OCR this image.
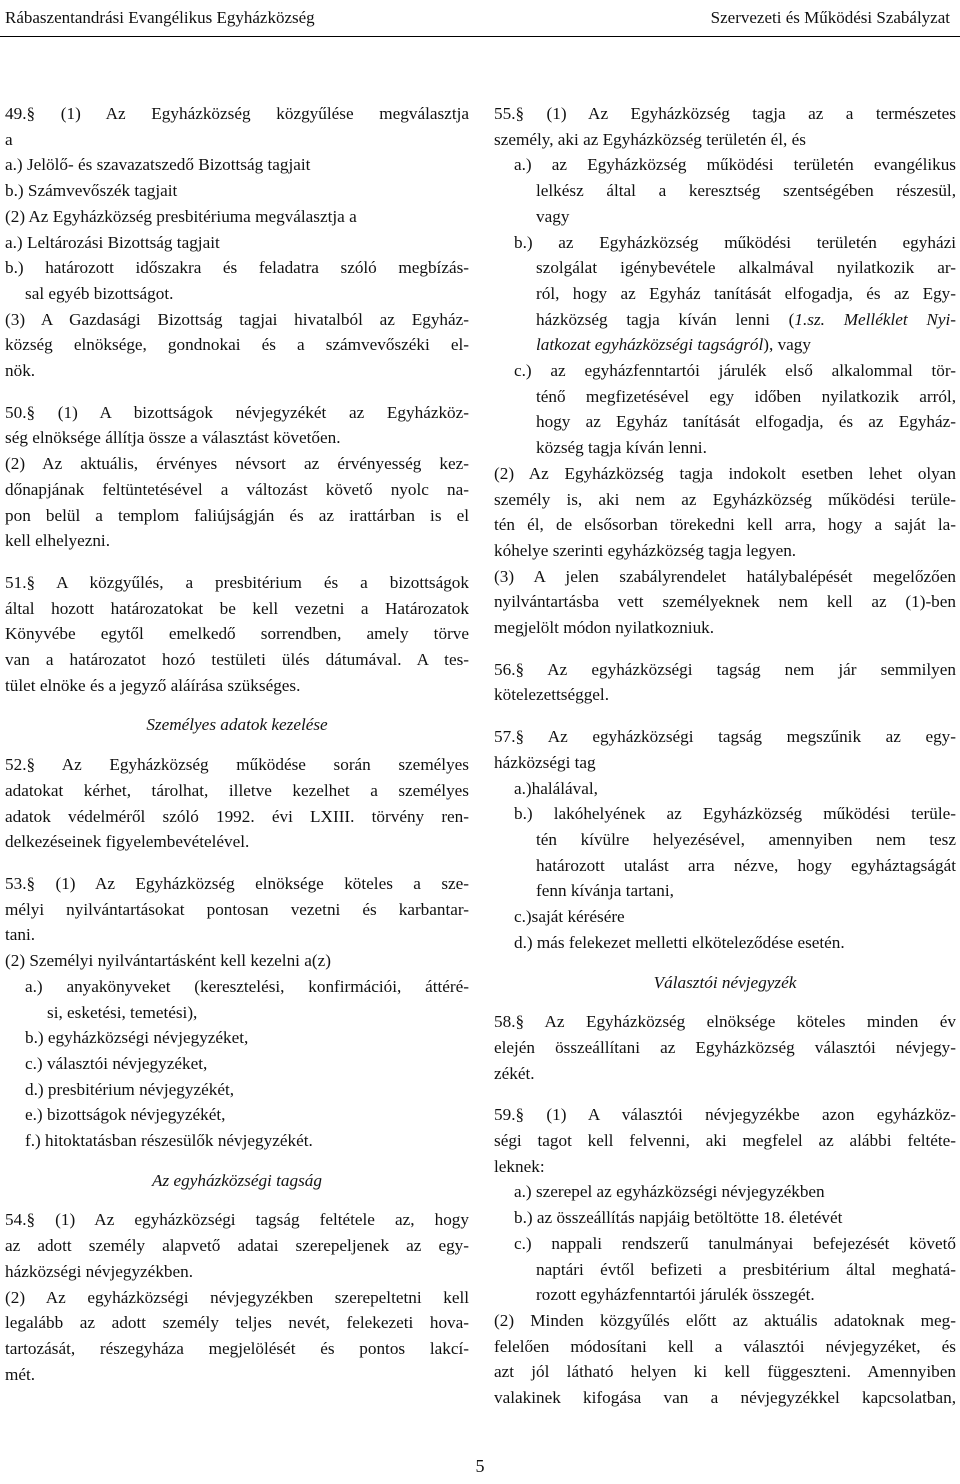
Rábaszentandrási Evangélikus Egyházközség	Szervezeti és Működési Szabályzat
49.§ (1) Az Egyházközség közgyűlése megválasztja
a
a.) Jelölő- és szavazatszedő Bizottság tagjait
b.) Számvevőszék tagjait
(2) Az Egyházközség presbitériuma megválasztja a
a.) Leltározási Bizottság tagjait
b.) határozott időszakra és feladatra szóló megbízás-
sal egyéb bizottságot.
(3) A Gazdasági Bizottság tagjai hivatalból az Egyház-
község elnöksége, gondnokai és a számvevőszéki el-
nök.
50.§ (1) A bizottságok névjegyzékét az Egyházköz-
ség elnöksége állítja össze a választást követően.
(2) Az aktuális, érvényes névsort az érvényesség kez-
dőnapjának feltüntetésével a változást követő nyolc na-
pon belül a templom faliújságján és az irattárban is el
kell elhelyezni.
51.§ A közgyűlés, a presbitérium és a bizottságok
által hozott határozatokat be kell vezetni a Határozatok
Könyvébe egytől emelkedő sorrendben, amely törve
van a határozatot hozó testületi ülés dátumával. A tes-
tület elnöke és a jegyző aláírása szükséges.
Személyes adatok kezelése
52.§ Az Egyházközség működése során személyes
adatokat kérhet, tárolhat, illetve kezelhet a személyes
adatok védelméről szóló 1992. évi LXIII. törvény ren-
delkezéseinek figyelembevételével.
53.§ (1) Az Egyházközség elnöksége köteles a sze-
mélyi nyilvántartásokat pontosan vezetni és karbantar-
tani.
(2) Személyi nyilvántartásként kell kezelni a(z)
a.) anyakönyveket (keresztelési, konfirmációi, áttéré-
si, esketési, temetési),
b.) egyházközségi névjegyzéket,
c.) választói névjegyzéket,
d.) presbitérium névjegyzékét,
e.) bizottságok névjegyzékét,
f.) hitoktatásban részesülők névjegyzékét.
Az egyházközségi tagság
54.§ (1) Az egyházközségi tagság feltétele az, hogy
az adott személy alapvető adatai szerepeljenek az egy-
házközségi névjegyzékben.
(2) Az egyházközségi névjegyzékben szerepeltetni kell
legalább az adott személy teljes nevét, felekezeti hova-
tartozását, részegyháza megjelölését és pontos lakcí-
mét.
55.§ (1) Az Egyházközség tagja az a természetes
személy, aki az Egyházközség területén él, és
a.) az Egyházközség működési területén evangélikus
lelkész által a keresztség szentségében részesül,
vagy
b.) az Egyházközség működési területén egyházi
szolgálat igénybevétele alkalmával nyilatkozik ar-
ról, hogy az Egyház tanítását elfogadja, és az Egy-
házközség tagja kíván lenni (1.sz. Melléklet Nyi-
latkozat egyházközségi tagságról), vagy
c.) az egyházfenntartói járulék első alkalommal tör-
ténő megfizetésével egy időben nyilatkozik arról,
hogy az Egyház tanítását elfogadja, és az Egyház-
község tagja kíván lenni.
(2) Az Egyházközség tagja indokolt esetben lehet olyan
személy is, aki nem az Egyházközség működési terüle-
tén él, de elsősorban törekedni kell arra, hogy a saját la-
kóhelye szerinti egyházközség tagja legyen.
(3) A jelen szabályrendelet hatálybalépését megelőzően
nyilvántartásba vett személyeknek nem kell az (1)-ben
megjelölt módon nyilatkozniuk.
56.§ Az egyházközségi tagság nem jár semmilyen
kötelezettséggel.
57.§ Az egyházközségi tagság megszűnik az egy-
házközségi tag
a.)halálával,
b.) lakóhelyének az Egyházközség működési terüle-
tén kívülre helyezésével, amennyiben nem tesz
határozott utalást arra nézve, hogy egyháztagságát
fenn kívánja tartani,
c.)saját kérésére
d.) más felekezet melletti elköteleződése esetén.
Választói névjegyzék
58.§ Az Egyházközség elnöksége köteles minden év
elején összeállítani az Egyházközség választói névjegy-
zékét.
59.§ (1) A választói névjegyzékbe azon egyházköz-
ségi tagot kell felvenni, aki megfelel az alábbi feltéte-
leknek:
a.) szerepel az egyházközségi névjegyzékben
b.) az összeállítás napjáig betöltötte 18. életévét
c.) nappali rendszerű tanulmányai befejezését követő
naptári évtől befizeti a presbitérium által meghatá-
rozott egyházfenntartói járulék összegét.
(2) Minden közgyűlés előtt az aktuális adatoknak meg-
felelően módosítani kell a választói névjegyzéket, és
azt jól látható helyen ki kell függeszteni. Amennyiben
valakinek kifogása van a névjegyzékkel kapcsolatban,
5
